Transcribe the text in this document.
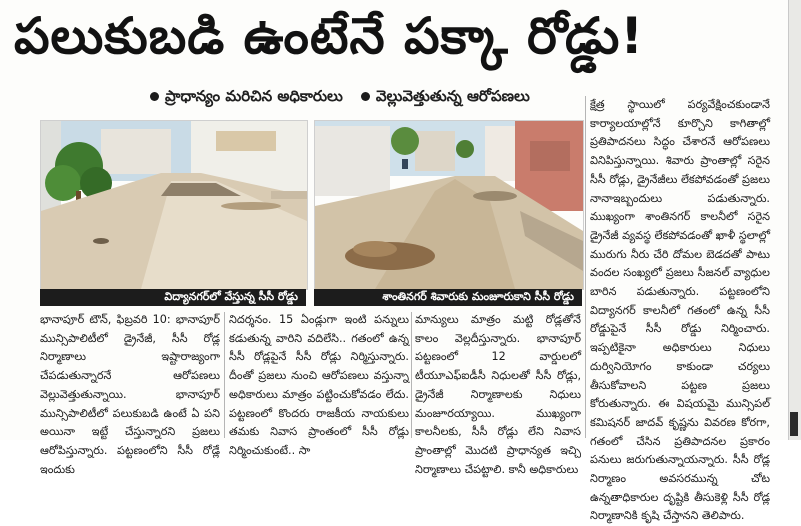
పలుకుబడి ఉంటేనే పక్కా రోడ్డు!
ప్రాధాన్యం మరిచిన అధికారులు	వెల్లువెత్తుతున్న ఆరోపణలు
విద్యానగర్‌లో వేస్తున్న సీసీ రోడ్డు	శాంతినగర్ శివారుకు మంజూరుకాని సీసీ రోడ్డు
భానాపూర్ టౌన్, ఫిబ్రవరి 10: భానాపూర్ మున్సిపాలిటీలో డ్రైనేజీ, సీసీ రోడ్ల నిర్మాణాలు ఇష్టారాజ్యంగా చేపడుతున్నారనే ఆరోపణలు వెల్లువెత్తుతున్నాయి. భానాపూర్ మున్సిపాలిటీలో పలుకుబడి ఉంటే ఏ పని అయినా ఇట్టే చేస్తున్నారని ప్రజలు ఆరోపిస్తున్నారు. పట్టణంలోని సీసీ రోడ్లే ఇందుకు
నిదర్శనం. 15 ఏండ్లుగా ఇంటి పన్నులు కడుతున్న వారిని వదిలేసి.. గతంలో ఉన్న సీసీ రోడ్లపైనే సీసీ రోడ్లు నిర్మిస్తున్నారు. దీంతో ప్రజలు నుంచి ఆరోపణలు వస్తున్నా అధికారులు మాత్రం పట్టించుకోవడం లేదు. పట్టణంలో కొందరు రాజకీయ నాయకులు తమకు నివాస ప్రాంతంలో సీసీ రోడ్లు నిర్మించుకుంటే.. సా
మాన్యులు మాత్రం మట్టి రోడ్లతోనే కాలం వెల్లదీస్తున్నారు. భానాపూర్ పట్టణంలో 12 వార్డులలో టీయూఎఫ్ఐడీసీ నిధులతో సీసీ రోడ్లు, డ్రైనేజీ నిర్మాణాలకు నిధులు మంజూరయ్యాయి. ముఖ్యంగా కాలనీలకు, సీసీ రోడ్లు లేని నివాస ప్రాంతాల్లో మొదటి ప్రాధాన్యత ఇచ్చి నిర్మాణాలు చేపట్టాలి. కానీ అధికారులు
క్షేత్ర స్థాయిలో పర్యవేక్షించకుండానే కార్యాలయాల్లోనే కూర్చొని కాగితాల్లో ప్రతిపాదనలు సిద్ధం చేశారనే ఆరోపణలు వినిపిస్తున్నాయి. శివారు ప్రాంతాల్లో సరైన సీసీ రోడ్లు, డ్రైనేజీలు లేకపోవడంతో ప్రజలు నానాఇబ్బందులు పడుతున్నారు. ముఖ్యంగా శాంతినగర్ కాలనీలో సరైన డ్రైనేజీ వ్యవస్థ లేకపోవడంతో ఖాళీ స్థలాల్లో మురుగు నీరు చేరి దోమల బెడదతో పాటు వందల సంఖ్యలో ప్రజలు సీజనల్ వ్యాధుల బారిన పడుతున్నారు. పట్టణంలోని విద్యానగర్ కాలనీలో గతంలో ఉన్న సీసీ రోడ్డుపైనే సీసీ రోడ్డు నిర్మించారు. ఇప్పటికైనా అధికారులు నిధులు దుర్వినియోగం కాకుండా చర్యలు తీసుకోవాలని పట్టణ ప్రజలు కోరుతున్నారు. ఈ విషయమై మున్సిపల్ కమిషనర్ జాదవ్ కృష్ణను వివరణ కోరగా, గతంలో చేసిన ప్రతిపాదనల ప్రకారం పనులు జరుగుతున్నాయన్నారు. సీసీ రోడ్ల నిర్మాణం అవసరమున్న చోట ఉన్నతాధికారుల దృష్టికి తీసుకెళ్లి సీసీ రోడ్ల నిర్మాణానికి కృషి చేస్తానని తెలిపారు.
